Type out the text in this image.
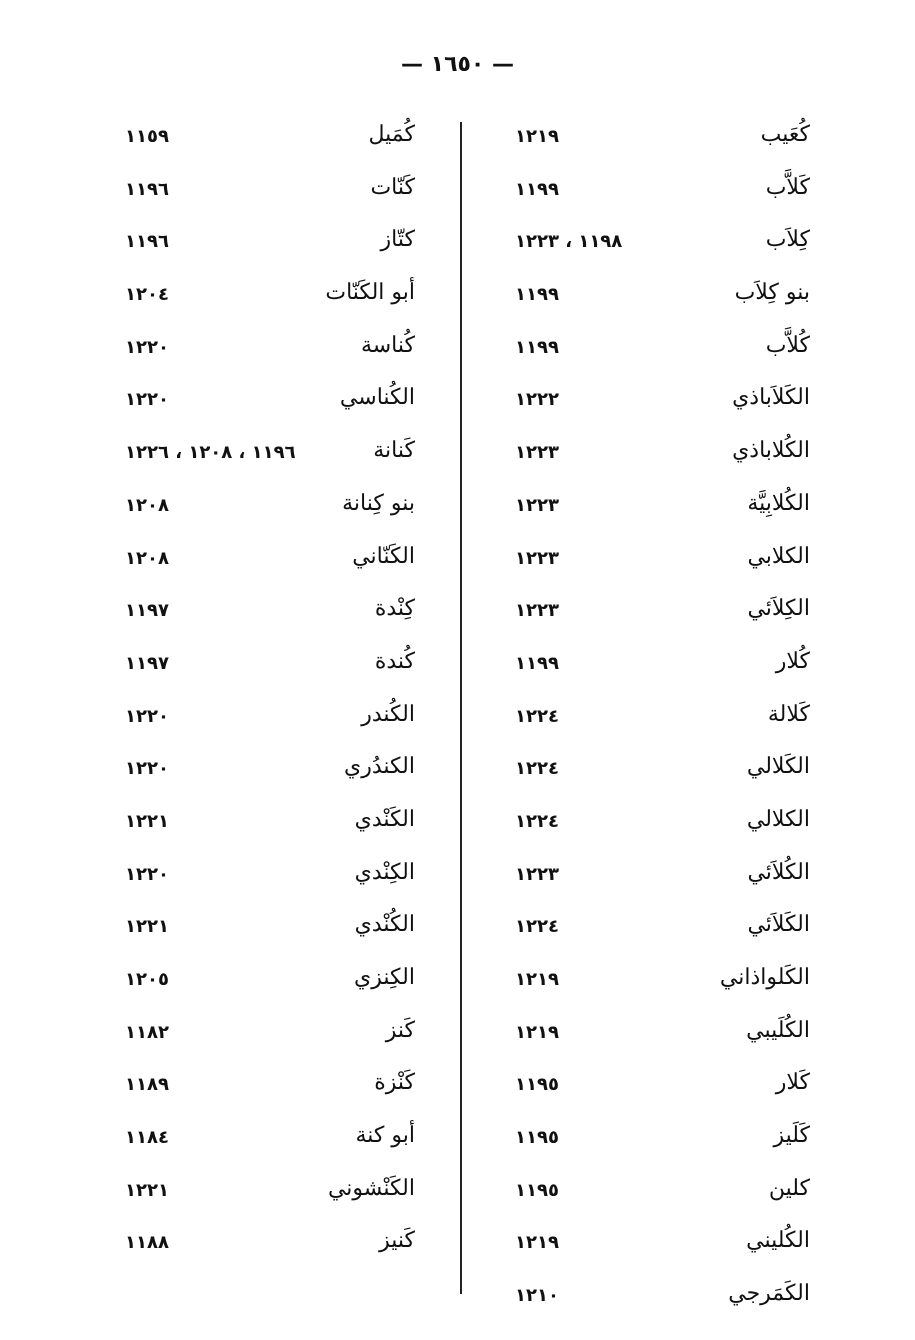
— ١٦٥٠ —
كُعَيب
١٢١٩
كَلاَّب
١١٩٩
كِلاَب
١١٩٨ ، ١٢٢٣
بنو كِلاَب
١١٩٩
كُلاَّب
١١٩٩
الكَلاَباذي
١٢٢٢
الكُلاباذي
١٢٢٣
الكُلابِيَّة
١٢٢٣
الكلابي
١٢٢٣
الكِلاَئي
١٢٢٣
كُلار
١١٩٩
كَلالة
١٢٢٤
الكَلالي
١٢٢٤
الكلالي
١٢٢٤
الكُلاَئي
١٢٢٣
الكَلاَئي
١٢٢٤
الكَلواذاني
١٢١٩
الكُلَيبي
١٢١٩
كَلار
١١٩٥
كَلَيز
١١٩٥
كلين
١١٩٥
الكُليني
١٢١٩
الكَمَرجي
١٢١٠
كُمَيل
١١٥٩
كَنّات
١١٩٦
كتّاز
١١٩٦
أبو الكَنّات
١٢٠٤
كُناسة
١٢٢٠
الكُناسي
١٢٢٠
كَنانة
١١٩٦ ، ١٢٠٨ ، ١٢٢٦
بنو كِنانة
١٢٠٨
الكَنّاني
١٢٠٨
كِنْدة
١١٩٧
كُندة
١١٩٧
الكُندر
١٢٢٠
الكندُري
١٢٢٠
الكَنْدي
١٢٢١
الكِنْدي
١٢٢٠
الكُنْدي
١٢٢١
الكِنزي
١٢٠٥
كَنز
١١٨٢
كَنْزة
١١٨٩
أبو كنة
١١٨٤
الكَنْشوني
١٢٢١
كَنيز
١١٨٨
